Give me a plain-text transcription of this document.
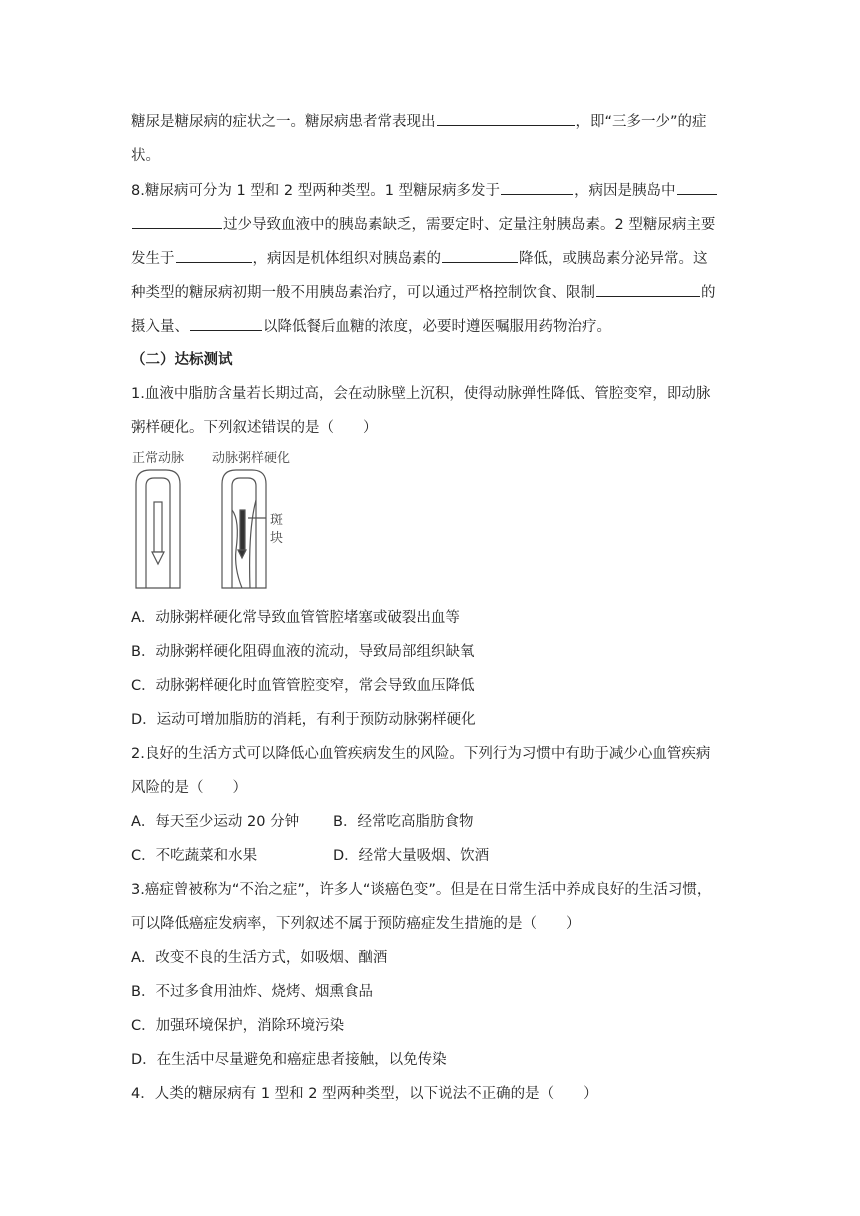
糖尿是糖尿病的症状之一。糖尿病患者常表现出	，即“三多一少”的症
状。
8.糖尿病可分为 1 型和 2 型两种类型。1 型糖尿病多发于	，病因是胰岛中
过少导致血液中的胰岛素缺乏，需要定时、定量注射胰岛素。2 型糖尿病主要
发生于	，病因是机体组织对胰岛素的	降低，或胰岛素分泌异常。这
种类型的糖尿病初期一般不用胰岛素治疗，可以通过严格控制饮食、限制	的
摄入量、	以降低餐后血糖的浓度，必要时遵医嘱服用药物治疗。
（二）达标测试
1.血液中脂肪含量若长期过高，会在动脉壁上沉积，使得动脉弹性降低、管腔变窄，即动脉
粥样硬化。下列叙述错误的是（　　）
正常动脉 动脉粥样硬化
斑
块
A．动脉粥样硬化常导致血管管腔堵塞或破裂出血等
B．动脉粥样硬化阻碍血液的流动，导致局部组织缺氧
C．动脉粥样硬化时血管管腔变窄，常会导致血压降低
D．运动可增加脂肪的消耗，有利于预防动脉粥样硬化
2.良好的生活方式可以降低心血管疾病发生的风险。下列行为习惯中有助于减少心血管疾病
风险的是（　　）
A．每天至少运动 20 分钟 B．经常吃高脂肪食物
C．不吃蔬菜和水果	D．经常大量吸烟、饮酒
3.癌症曾被称为“不治之症”，许多人“谈癌色变”。但是在日常生活中养成良好的生活习惯，
可以降低癌症发病率，下列叙述不属于预防癌症发生措施的是（　　）
A．改变不良的生活方式，如吸烟、酗酒
B．不过多食用油炸、烧烤、烟熏食品
C．加强环境保护，消除环境污染
D．在生活中尽量避免和癌症患者接触，以免传染
4．人类的糖尿病有 1 型和 2 型两种类型，以下说法不正确的是（　　）
